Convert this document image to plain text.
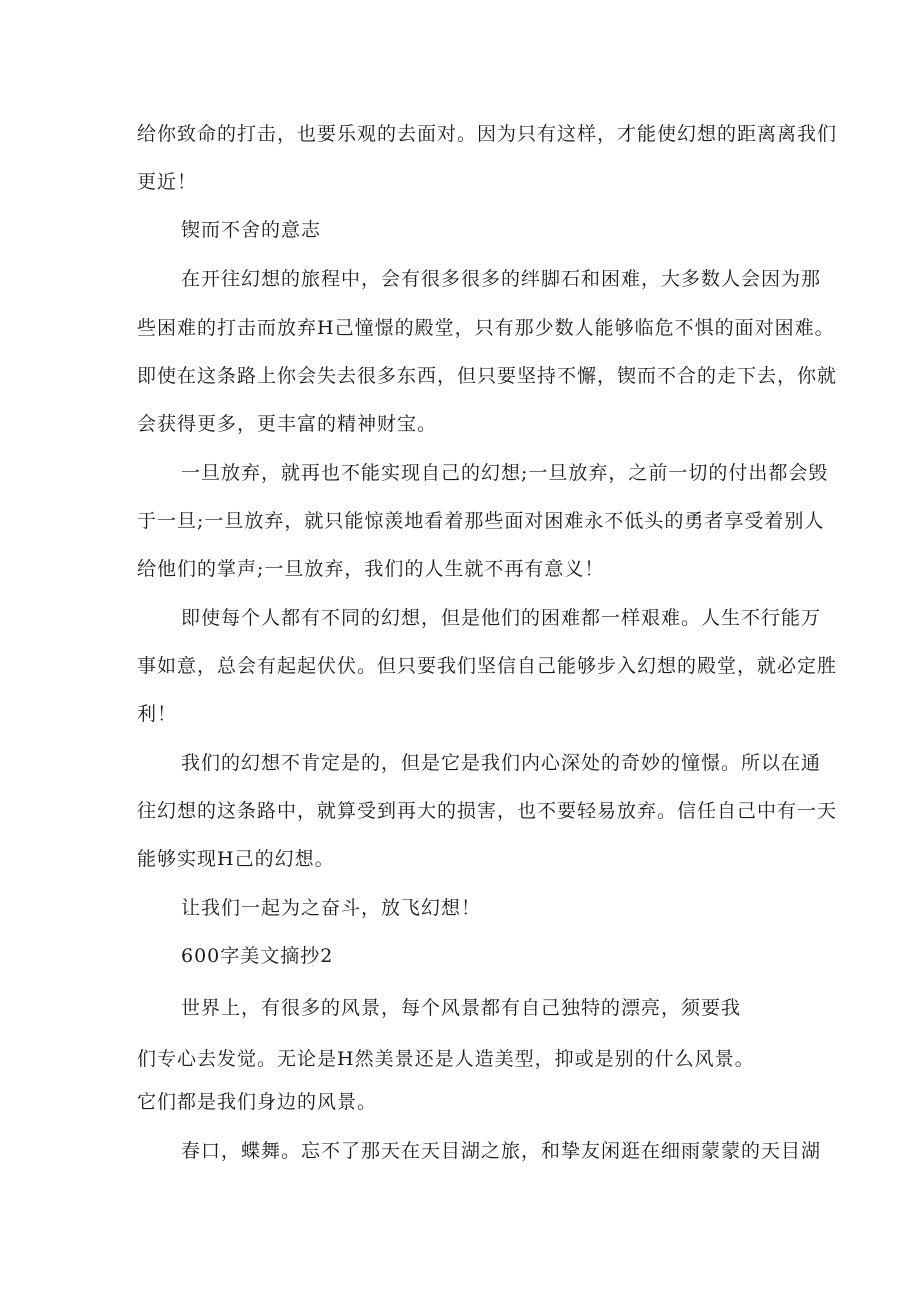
给你致命的打击，也要乐观的去面对。因为只有这样，才能使幻想的距离离我们

更近！

锲而不舍的意志

在开往幻想的旅程中，会有很多很多的绊脚石和困难，大多数人会因为那

些困难的打击而放弃H己憧憬的殿堂，只有那少数人能够临危不惧的面对困难。

即使在这条路上你会失去很多东西，但只要坚持不懈，锲而不合的走下去，你就

会获得更多，更丰富的精神财宝。

一旦放弃，就再也不能实现自己的幻想;一旦放弃，之前一切的付出都会毁

于一旦;一旦放弃，就只能惊羡地看着那些面对困难永不低头的勇者享受着别人

给他们的掌声;一旦放弃，我们的人生就不再有意义！

即使每个人都有不同的幻想，但是他们的困难都一样艰难。人生不行能万

事如意，总会有起起伏伏。但只要我们坚信自己能够步入幻想的殿堂，就必定胜

利！

我们的幻想不肯定是的，但是它是我们内心深处的奇妙的憧憬。所以在通

往幻想的这条路中，就算受到再大的损害，也不要轻易放弃。信任自己中有一天

能够实现H己的幻想。

让我们一起为之奋斗，放飞幻想！

600字美文摘抄2

世界上，有很多的风景，每个风景都有自己独特的漂亮，须要我

们专心去发觉。无论是H然美景还是人造美型，抑或是别的什么风景。

它们都是我们身边的风景。

春口，蝶舞。忘不了那天在天目湖之旅，和挚友闲逛在细雨蒙蒙的天目湖
